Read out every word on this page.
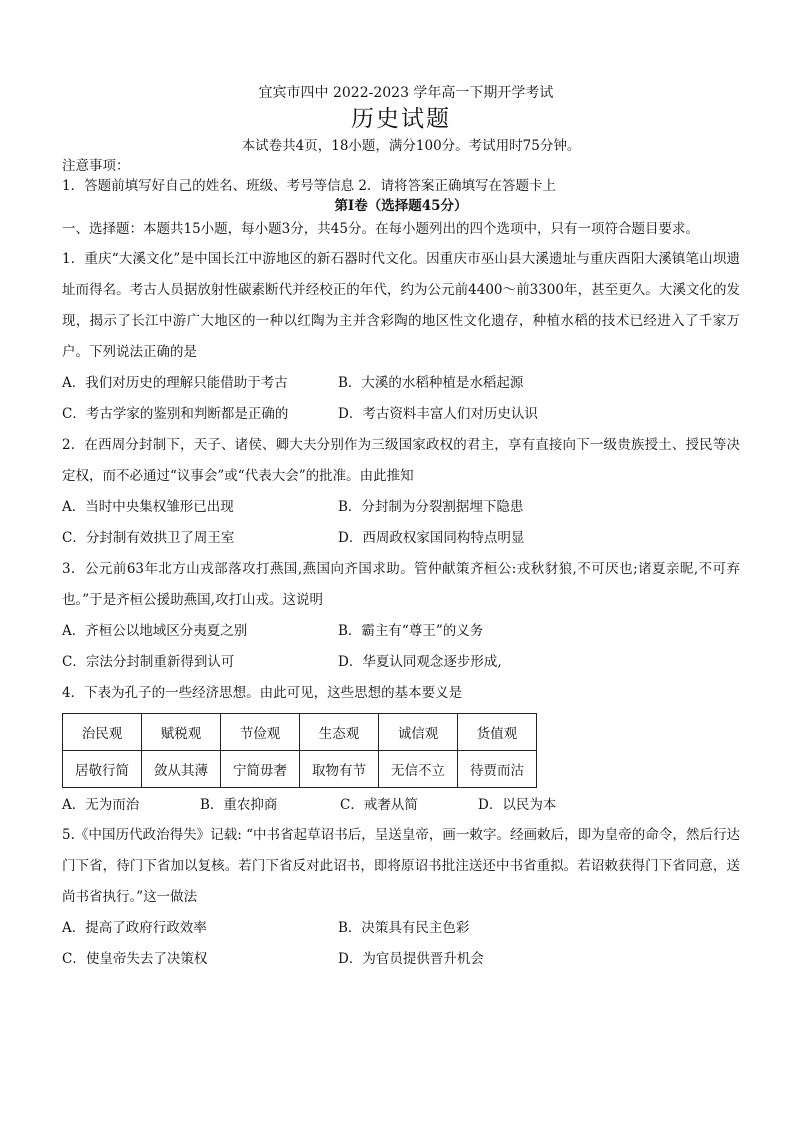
宜宾市四中 2022-2023 学年高一下期开学考试
历史试题
本试卷共4页，18小题，满分100分。考试用时75分钟。
注意事项：
1．答题前填写好自己的姓名、班级、考号等信息 2．请将答案正确填写在答题卡上
第Ⅰ卷（选择题45分）

一、选择题：本题共15小题，每小题3分，共45分。在每小题列出的四个选项中，只有一项符合题目要求。

1．重庆“大溪文化”是中国长江中游地区的新石器时代文化。因重庆市巫山县大溪遗址与重庆酉阳大溪镇笔山坝遗址而得名。考古人员据放射性碳素断代并经校正的年代，约为公元前4400～前3300年，甚至更久。大溪文化的发现，揭示了长江中游广大地区的一种以红陶为主并含彩陶的地区性文化遗存，种植水稻的技术已经进入了千家万户。下列说法正确的是

A．我们对历史的理解只能借助于考古	B．大溪的水稻种植是水稻起源
C．考古学家的鉴别和判断都是正确的	D．考古资料丰富人们对历史认识

2．在西周分封制下，天子、诸侯、卿大夫分别作为三级国家政权的君主，享有直接向下一级贵族授土、授民等决定权，而不必通过“议事会”或“代表大会”的批准。由此推知

A．当时中央集权雏形已出现	B．分封制为分裂割据埋下隐患
C．分封制有效拱卫了周王室	D．西周政权家国同构特点明显

3．公元前63年北方山戎部落攻打燕国,燕国向齐国求助。管仲献策齐桓公:戎秋豺狼,不可厌也;诸夏亲昵,不可弃也。”于是齐桓公援助燕国,攻打山戎。这说明

A．齐桓公以地域区分夷夏之别	B．霸主有“尊王”的义务
C．宗法分封制重新得到认可	D．华夏认同观念逐步形成,

4．下表为孔子的一些经济思想。由此可见，这些思想的基本要义是

治民观	赋税观	节俭观	生态观	诚信观	货值观
居敬行简	敛从其薄	宁简毋奢	取物有节	无信不立	待贾而沽
A．无为而治	B．重农抑商	C．戒奢从简	D．以民为本

5.《中国历代政治得失》记载: “中书省起草诏书后，呈送皇帝，画一敕字。经画敕后，即为皇帝的命令，然后行达门下省，待门下省加以复核。若门下省反对此诏书，即将原诏书批注送还中书省重拟。若诏敕获得门下省同意，送尚书省执行。”这一做法

A．提高了政府行政效率	B．决策具有民主色彩
C．使皇帝失去了决策权	D．为官员提供晋升机会
